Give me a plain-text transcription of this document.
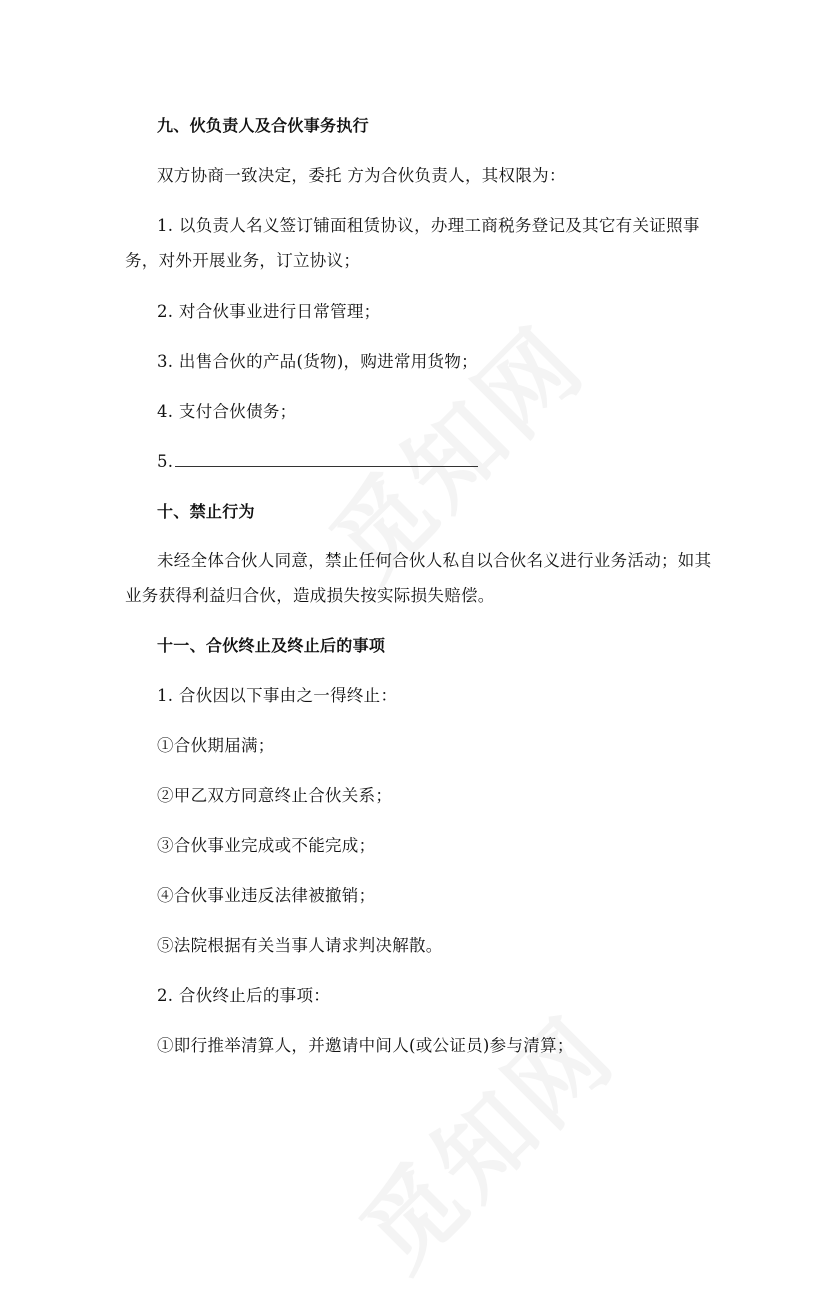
九、伙负责人及合伙事务执行
双方协商一致决定，委托 方为合伙负责人，其权限为：
1. 以负责人名义签订铺面租赁协议，办理工商税务登记及其它有关证照事
务，对外开展业务，订立协议；
2. 对合伙事业进行日常管理；
3. 出售合伙的产品(货物)，购进常用货物；
4. 支付合伙债务；
5.
十、禁止行为
未经全体合伙人同意，禁止任何合伙人私自以合伙名义进行业务活动；如其
业务获得利益归合伙，造成损失按实际损失赔偿。
十一、合伙终止及终止后的事项
1. 合伙因以下事由之一得终止：
①合伙期届满；
②甲乙双方同意终止合伙关系；
③合伙事业完成或不能完成；
④合伙事业违反法律被撤销；
⑤法院根据有关当事人请求判决解散。
2. 合伙终止后的事项：
①即行推举清算人，并邀请中间人(或公证员)参与清算；
